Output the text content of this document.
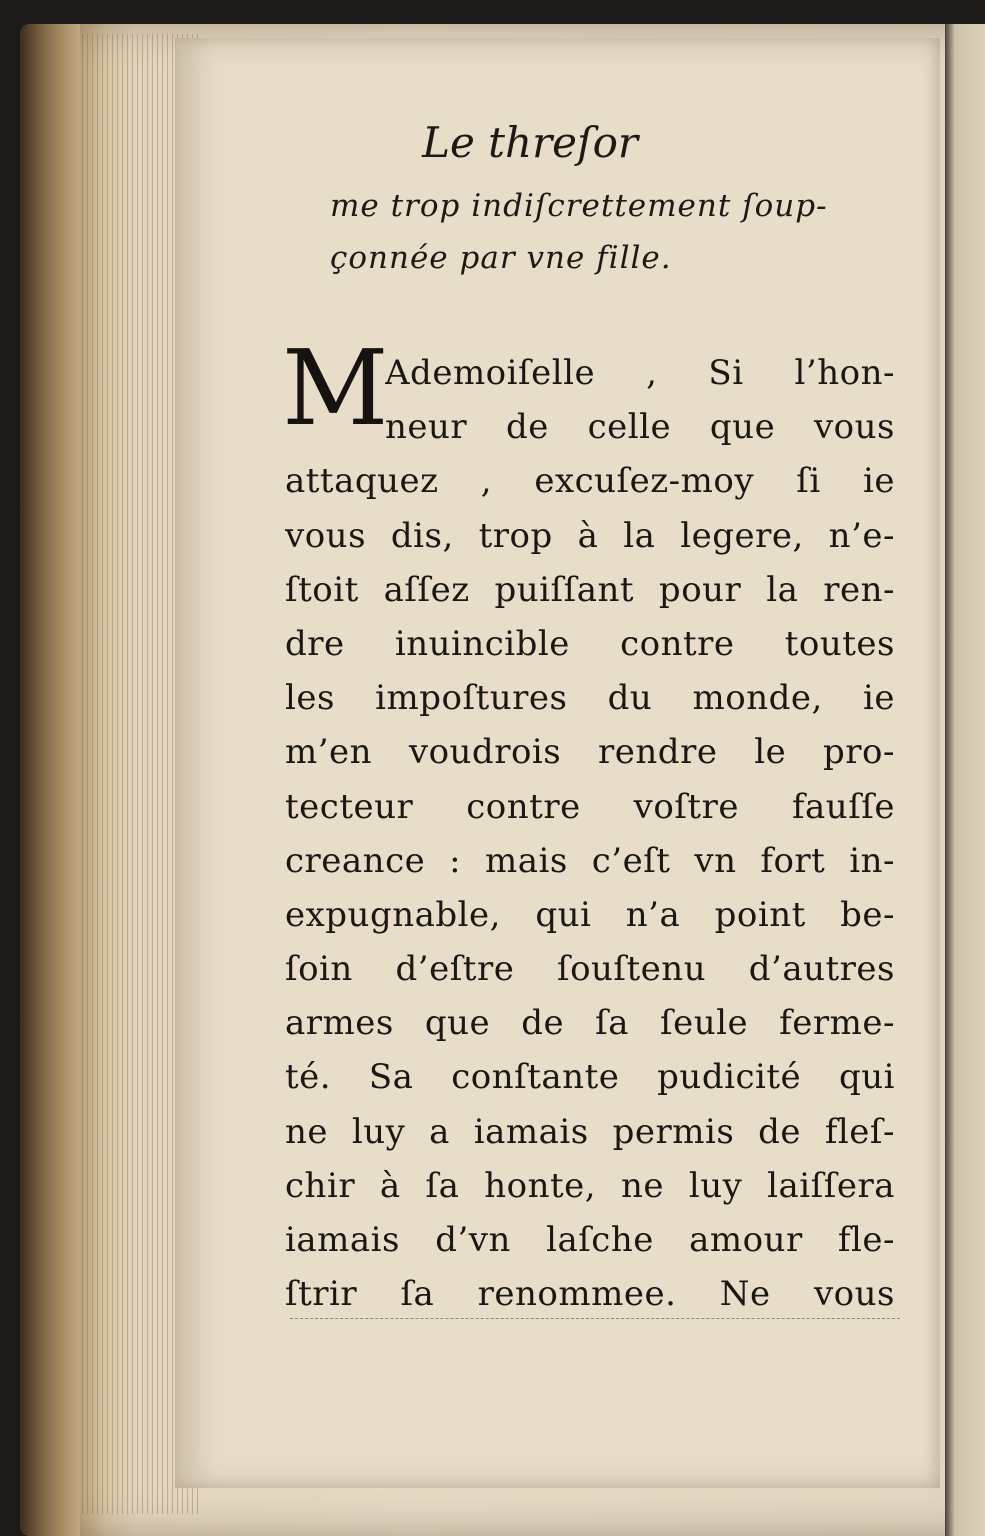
Le threſor
me trop indiſcrettement ſoup-
çonnée par vne fille.
M
Ademoiſelle , Si l’hon-
neur de celle que vous
attaquez , excuſez-moy ſi ie
vous dis, trop à la legere, n’e-
ſtoit aſſez puiſſant pour la ren-
dre inuincible contre toutes
les impoſtures du monde, ie
m’en voudrois rendre le pro-
tecteur contre voſtre fauſſe
creance : mais c’eſt vn fort in-
expugnable, qui n’a point be-
ſoin d’eſtre ſouſtenu d’autres
armes que de ſa ſeule ferme-
té. Sa conſtante pudicité qui
ne luy a iamais permis de fleſ-
chir à ſa honte, ne luy laiſſera
iamais d’vn laſche amour fle-
ſtrir ſa renommee. Ne vous
